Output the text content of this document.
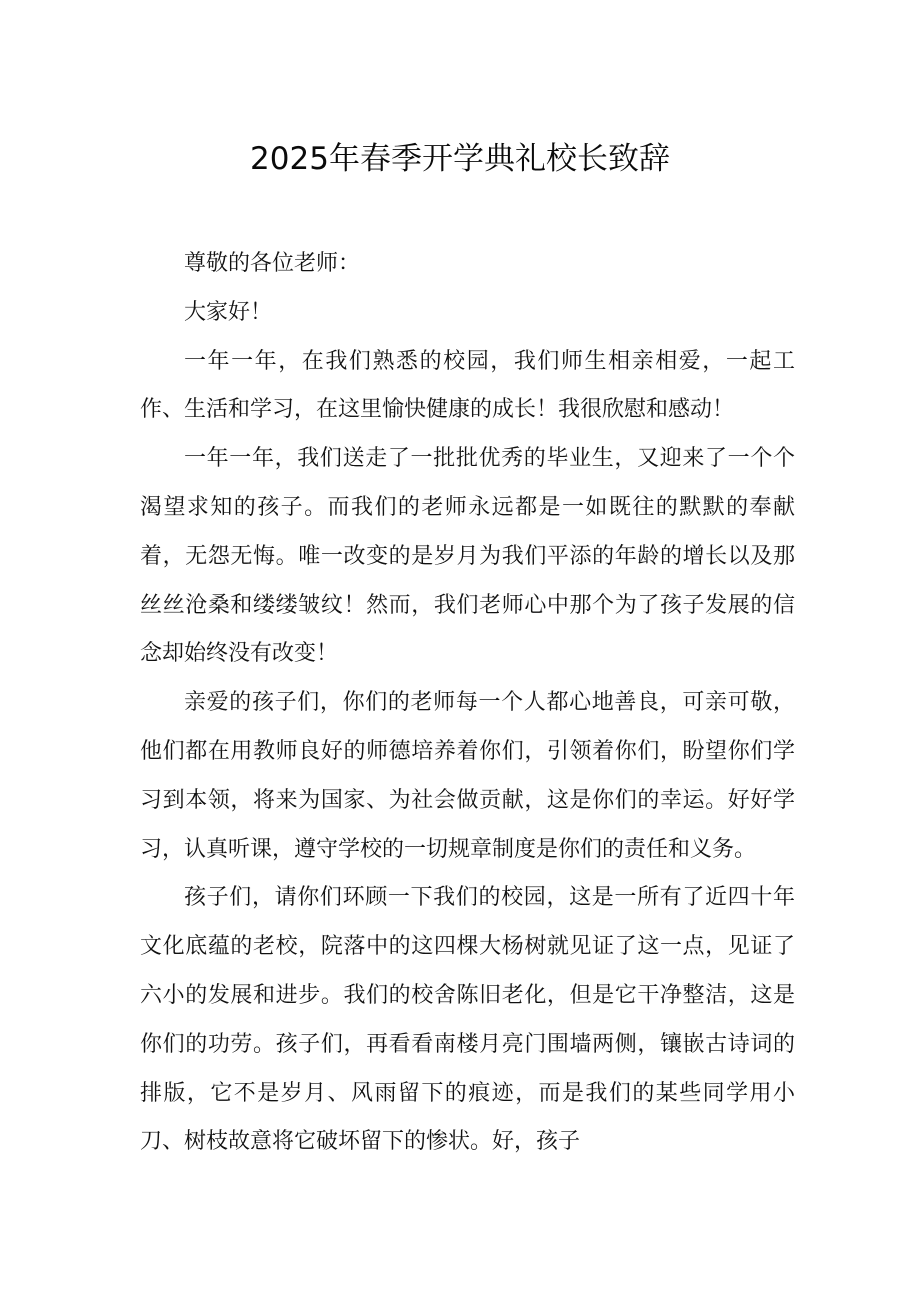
2025年春季开学典礼校长致辞

尊敬的各位老师：

大家好！

一年一年，在我们熟悉的校园，我们师生相亲相爱，一起工作、生活和学习，在这里愉快健康的成长！我很欣慰和感动！

一年一年，我们送走了一批批优秀的毕业生，又迎来了一个个渴望求知的孩子。而我们的老师永远都是一如既往的默默的奉献着，无怨无悔。唯一改变的是岁月为我们平添的年龄的增长以及那丝丝沧桑和缕缕皱纹！然而，我们老师心中那个为了孩子发展的信念却始终没有改变！

亲爱的孩子们，你们的老师每一个人都心地善良，可亲可敬，他们都在用教师良好的师德培养着你们，引领着你们，盼望你们学习到本领，将来为国家、为社会做贡献，这是你们的幸运。好好学习，认真听课，遵守学校的一切规章制度是你们的责任和义务。

孩子们，请你们环顾一下我们的校园，这是一所有了近四十年文化底蕴的老校，院落中的这四棵大杨树就见证了这一点，见证了六小的发展和进步。我们的校舍陈旧老化，但是它干净整洁，这是你们的功劳。孩子们，再看看南楼月亮门围墙两侧，镶嵌古诗词的排版，它不是岁月、风雨留下的痕迹，而是我们的某些同学用小刀、树枝故意将它破坏留下的惨状。好，孩子
